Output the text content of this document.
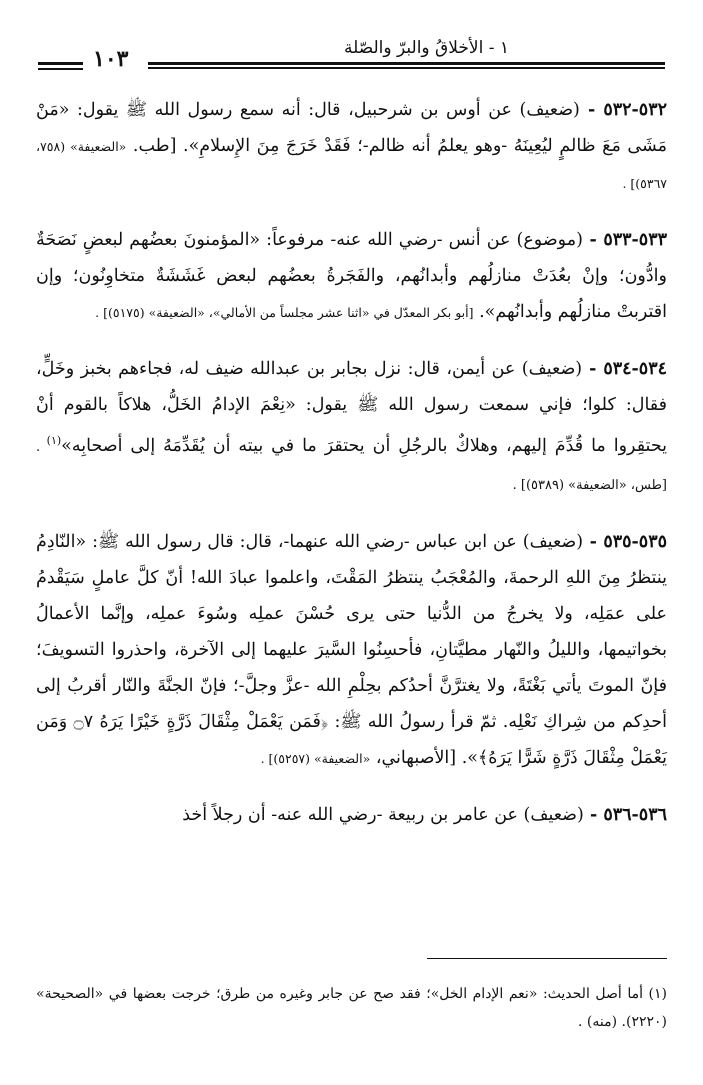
١ - الأخلاقُ والبرّ والصّلة
١٠٣

٥٣٢-٥٣٢ - (ضعيف) عن أوس بن شرحبيل، قال: أنه سمع رسول الله ﷺ يقول: «مَنْ مَشَى مَعَ ظالمٍ ليُعِينَهُ -وهو يعلمُ أنه ظالم-؛ فَقَدْ خَرَجَ مِنَ الإِسلامِ». [طب. «الضعيفة» (٧٥٨، ٥٣٦٧)] .

٥٣٣-٥٣٣ - (موضوع) عن أنس -رضي الله عنه- مرفوعاً: «المؤمنونَ بعضُهم لبعضٍ نَصَحَةٌ وادُّون؛ وإنْ بعُدَتْ منازلُهم وأبدانُهم، والفَجَرةُ بعضُهم لبعض غَشَشَةٌ متخاوِنُون؛ وإن اقتربتْ منازلُهم وأبدانُهم». [أبو بكر المعدّل في «اثنا عشر مجلساً من الأمالي»، «الضعيفة» (٥١٧٥)] .

٥٣٤-٥٣٤ - (ضعيف) عن أيمن، قال: نزل بجابر بن عبدالله ضيف له، فجاءهم بخبز وخَلٍّ، فقال: كلوا؛ فإني سمعت رسول الله ﷺ يقول: «نِعْمَ الإدامُ الخَلُّ، هلاكاً بالقوم أنْ يحتقِروا ما قُدِّمَ إليهم، وهلاكٌ بالرجُلِ أن يحتقرَ ما في بيته أن يُقَدِّمَهُ إلى أصحابِه»$^{(١)}$ . [طس، «الضعيفة» (٥٣٨٩)] .

٥٣٥-٥٣٥ - (ضعيف) عن ابن عباس -رضي الله عنهما-، قال: قال رسول الله ﷺ: «النّادِمُ ينتظرُ مِنَ اللهِ الرحمةَ، والمُعْجَبُ ينتظرُ المَقْتَ، واعلموا عبادَ الله! أنّ كلَّ عاملٍ سَيَقْدمُ على عمَلِه، ولا يخرجُ من الدُّنيا حتى يرى حُسْنَ عملِه وسُوءَ عملِه، وإنَّما الأعمالُ بخواتيمها، والليلُ والنّهار مطيَّتانِ، فأحسِنُوا السَّيرَ عليهما إلى الآخرة، واحذروا التسويفَ؛ فإنّ الموتَ يأتي بَغْتَةً، ولا يغترَّنَّ أحدُكم بحِلْمِ الله -عزَّ وجلَّ-؛ فإنّ الجنَّةَ والنّار أقربُ إلى أحدِكم من شِراكِ نَعْلِه. ثمّ قرأ رسولُ الله ﷺ: ﴿فَمَن يَعْمَلْ مِثْقَالَ ذَرَّةٍ خَيْرًا يَرَهُ ۝٧ وَمَن يَعْمَلْ مِثْقَالَ ذَرَّةٍ شَرًّا يَرَهُ﴾». [الأصبهاني، «الضعيفة» (٥٢٥٧)] .

٥٣٦-٥٣٦ - (ضعيف) عن عامر بن ربيعة -رضي الله عنه- أن رجلاً أخذ

(١) أما أصل الحديث: «نعم الإدام الخل»؛ فقد صح عن جابر وغيره من طرق؛ خرجت بعضها في «الصحيحة» (٢٢٢٠). (منه) .
